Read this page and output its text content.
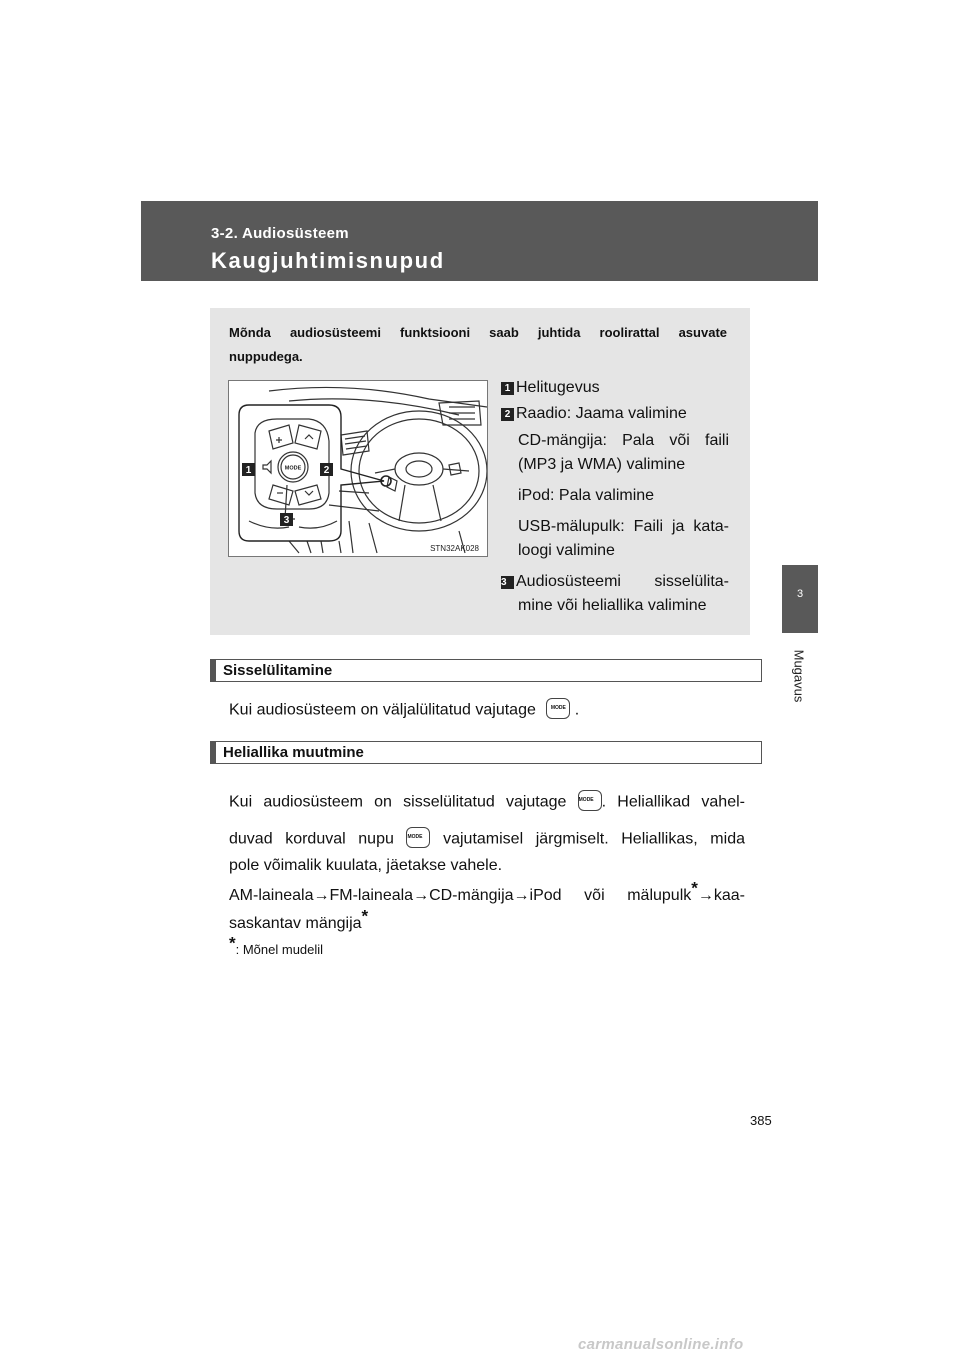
3-2. Audiosüsteem
Kaugjuhtimisnupud
3
Mugavus
Mõnda audiosüsteemi funktsiooni saab juhtida roolirattal asuvate
nuppudega.
MODE
1	2
3
STN32AK028
1 Helitugevus
2 Raadio: Jaama valimine
CD-mängija: Pala või faili
(MP3 ja WMA) valimine
iPod: Pala valimine
USB-mälupulk: Faili ja kata-
loogi valimine
3 Audiosüsteemi sisselülita-
mine või heliallika valimine
Sisselülitamine
Kui audiosüsteem on väljalülitatud vajutage	MODE .
Heliallika muutmine
Kui audiosüsteem on sisselülitatud vajutage MODE . Heliallikad vahel-
duvad korduval nupu	MODE vajutamisel järgmiselt. Heliallikas, mida
pole võimalik kuulata, jäetakse vahele.
AM-laineala→FM-laineala→CD-mängija→iPod või mälupulk*→kaa-
saskantav mängija*
*: Mõnel mudelil
385
carmanualsonline.info
